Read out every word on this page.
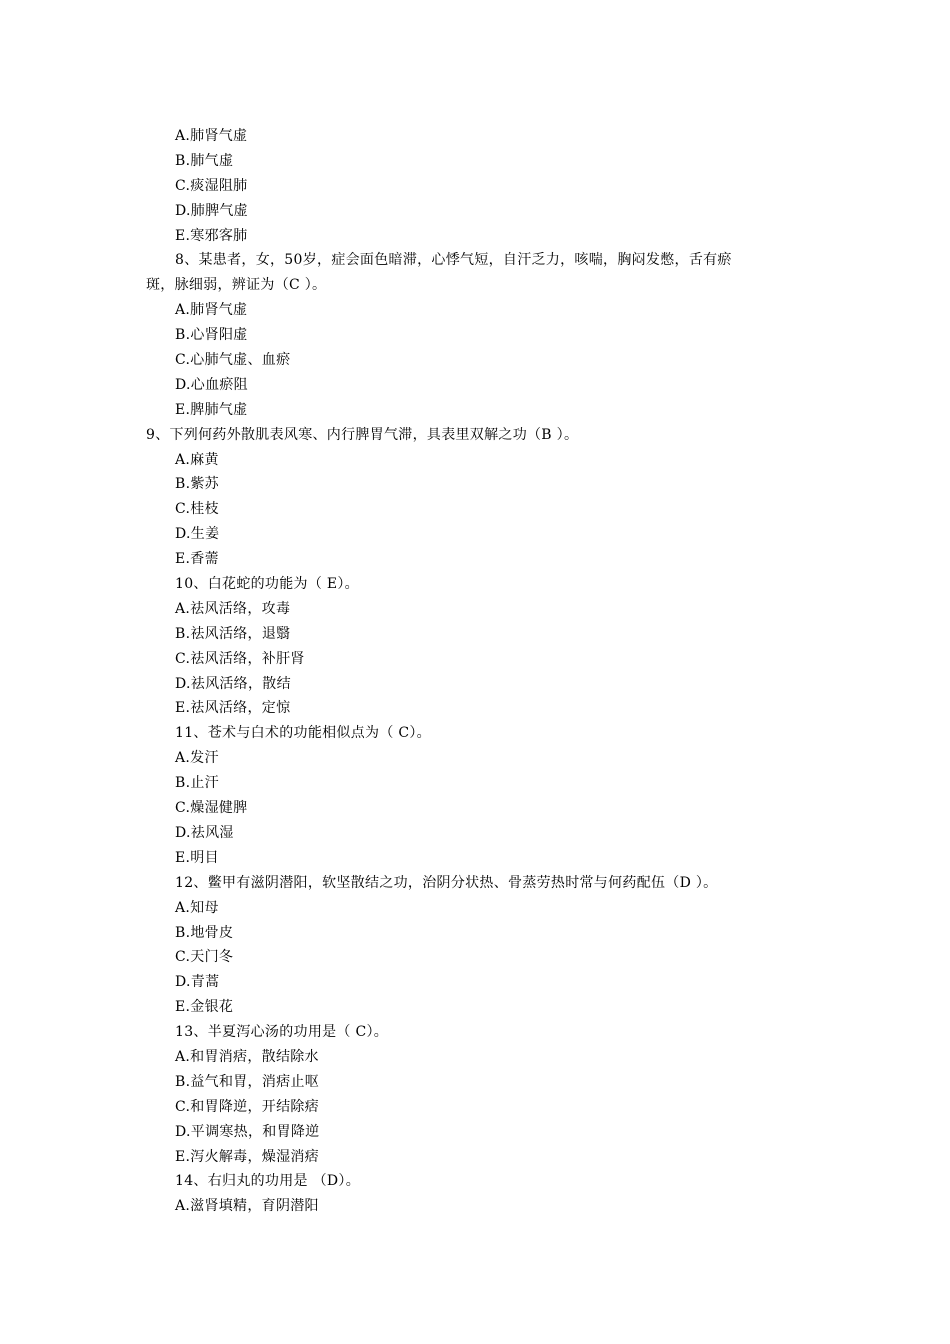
A.肺肾气虚
B.肺气虚
C.痰湿阻肺
D.肺脾气虚
E.寒邪客肺
8、某患者，女，50岁，症会面色暗滞，心悸气短，自汗乏力，咳喘，胸闷发憋，舌有瘀
斑，脉细弱，辨证为（C ）。
A.肺肾气虚
B.心肾阳虚
C.心肺气虚、血瘀
D.心血瘀阻
E.脾肺气虚
9、下列何药外散肌表风寒、内行脾胃气滞，具表里双解之功（B ）。
A.麻黄
B.紫苏
C.桂枝
D.生姜
E.香薷
10、白花蛇的功能为（ E）。
A.祛风活络，攻毒
B.祛风活络，退翳
C.祛风活络，补肝肾
D.祛风活络，散结
E.祛风活络，定惊
11、苍术与白术的功能相似点为（ C）。
A.发汗
B.止汗
C.燥湿健脾
D.祛风湿
E.明目
12、鳖甲有滋阴潜阳，软坚散结之功，治阴分状热、骨蒸劳热时常与何药配伍（D ）。
A.知母
B.地骨皮
C.天门冬
D.青蒿
E.金银花
13、半夏泻心汤的功用是（ C）。
A.和胃消痞，散结除水
B.益气和胃，消痞止呕
C.和胃降逆，开结除痞
D.平调寒热，和胃降逆
E.泻火解毒，燥湿消痞
14、右归丸的功用是 （D）。
A.滋肾填精，育阴潜阳
